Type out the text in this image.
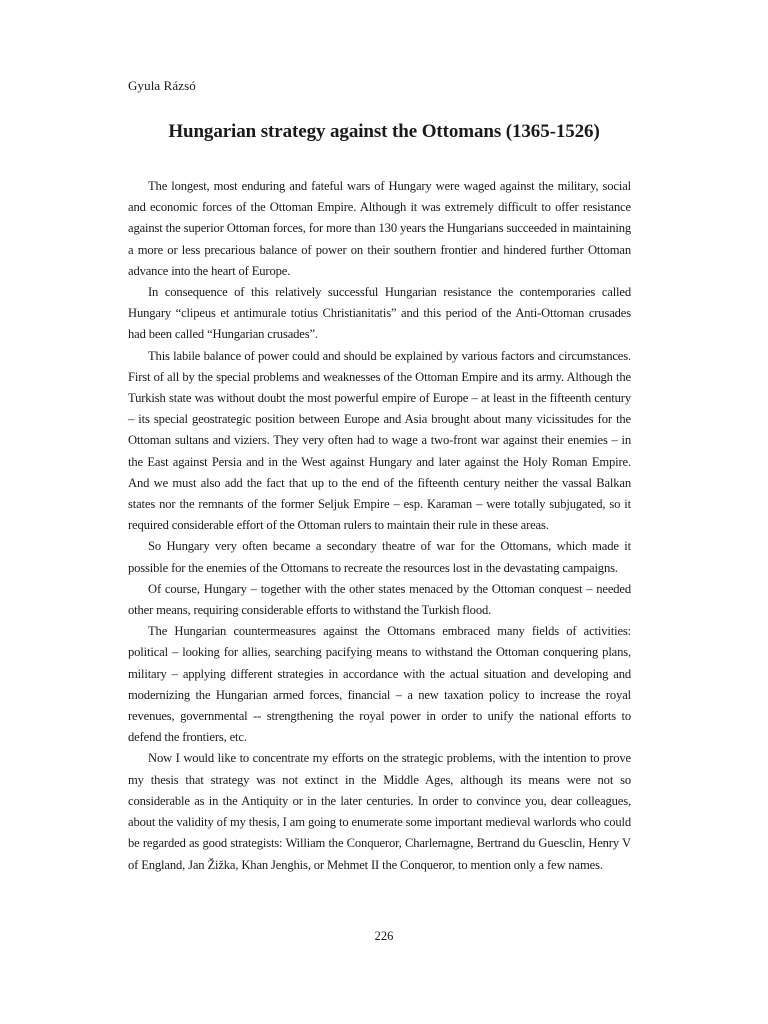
Gyula Rázsó
Hungarian strategy against the Ottomans (1365-1526)

The longest, most enduring and fateful wars of Hungary were waged against the military, social and economic forces of the Ottoman Empire. Although it was extremely difficult to offer resistance against the superior Ottoman forces, for more than 130 years the Hungarians succeeded in maintaining a more or less precarious balance of power on their southern frontier and hindered further Ottoman advance into the heart of Europe.

In consequence of this relatively successful Hungarian resistance the contemporaries called Hungary “clipeus et antimurale totius Christianitatis” and this period of the Anti-Ottoman crusades had been called “Hungarian crusades”.

This labile balance of power could and should be explained by various factors and circumstances. First of all by the special problems and weaknesses of the Ottoman Empire and its army. Although the Turkish state was without doubt the most powerful empire of Europe – at least in the fifteenth century – its special geostrategic position between Europe and Asia brought about many vicissitudes for the Ottoman sultans and viziers. They very often had to wage a two-front war against their enemies – in the East against Persia and in the West against Hungary and later against the Holy Roman Empire. And we must also add the fact that up to the end of the fifteenth century neither the vassal Balkan states nor the remnants of the former Seljuk Empire – esp. Karaman – were totally subjugated, so it required considerable effort of the Ottoman rulers to maintain their rule in these areas.

So Hungary very often became a secondary theatre of war for the Ottomans, which made it possible for the enemies of the Ottomans to recreate the resources lost in the devastating campaigns.

Of course, Hungary – together with the other states menaced by the Ottoman conquest – needed other means, requiring considerable efforts to withstand the Turkish flood.

The Hungarian countermeasures against the Ottomans embraced many fields of activities: political – looking for allies, searching pacifying means to withstand the Ottoman conquering plans, military – applying different strategies in accordance with the actual situation and developing and modernizing the Hungarian armed forces, financial – a new taxation policy to increase the royal revenues, governmental -- strengthening the royal power in order to unify the national efforts to defend the frontiers, etc.

Now I would like to concentrate my efforts on the strategic problems, with the intention to prove my thesis that strategy was not extinct in the Middle Ages, although its means were not so considerable as in the Antiquity or in the later centuries. In order to convince you, dear colleagues, about the validity of my thesis, I am going to enumerate some important medieval warlords who could be regarded as good strategists: William the Conqueror, Charlemagne, Bertrand du Guesclin, Henry V of England, Jan Žižka, Khan Jenghis, or Mehmet II the Conqueror, to mention only a few names.

226
